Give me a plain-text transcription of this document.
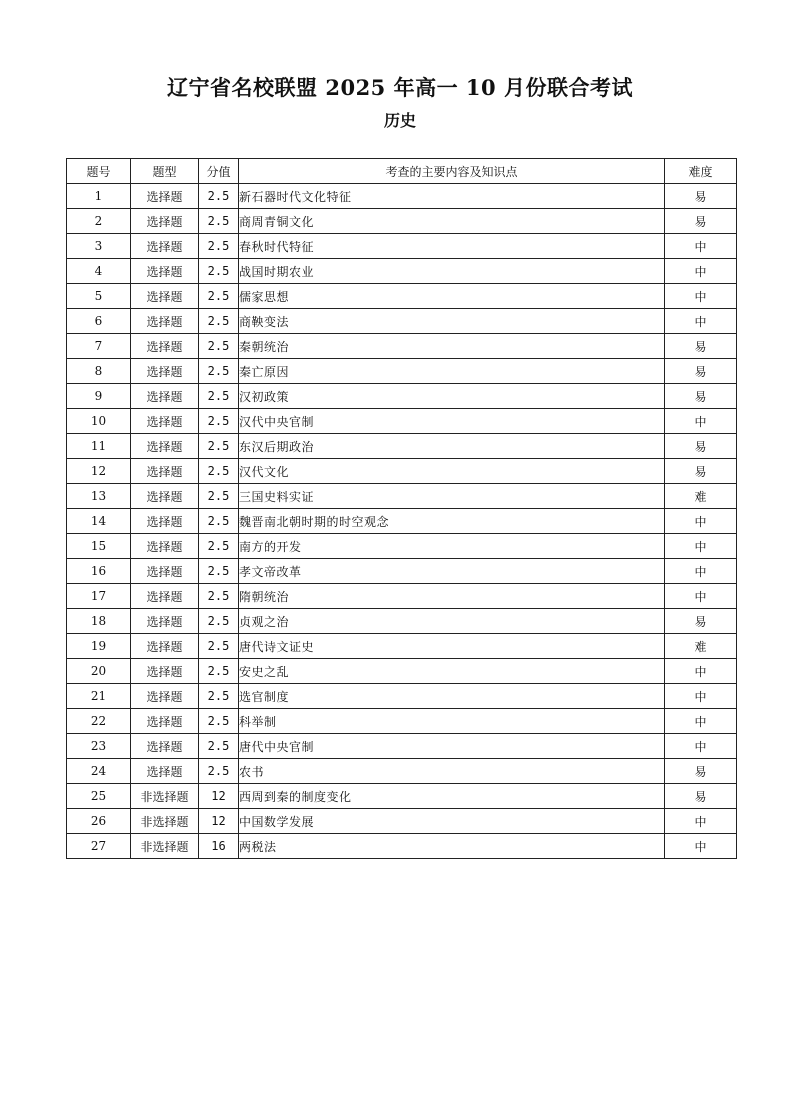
辽宁省名校联盟 2025 年高一 10 月份联合考试
历史
题号	题型	分值	考查的主要内容及知识点	难度
1	选择题	2.5	新石器时代文化特征	易
2	选择题	2.5	商周青铜文化	易
3	选择题	2.5	春秋时代特征	中
4	选择题	2.5	战国时期农业	中
5	选择题	2.5	儒家思想	中
6	选择题	2.5	商鞅变法	中
7	选择题	2.5	秦朝统治	易
8	选择题	2.5	秦亡原因	易
9	选择题	2.5	汉初政策	易
10	选择题	2.5	汉代中央官制	中
11	选择题	2.5	东汉后期政治	易
12	选择题	2.5	汉代文化	易
13	选择题	2.5	三国史料实证	难
14	选择题	2.5	魏晋南北朝时期的时空观念	中
15	选择题	2.5	南方的开发	中
16	选择题	2.5	孝文帝改革	中
17	选择题	2.5	隋朝统治	中
18	选择题	2.5	贞观之治	易
19	选择题	2.5	唐代诗文证史	难
20	选择题	2.5	安史之乱	中
21	选择题	2.5	选官制度	中
22	选择题	2.5	科举制	中
23	选择题	2.5	唐代中央官制	中
24	选择题	2.5	农书	易
25	非选择题	12	西周到秦的制度变化	易
26	非选择题	12	中国数学发展	中
27	非选择题	16	两税法	中
